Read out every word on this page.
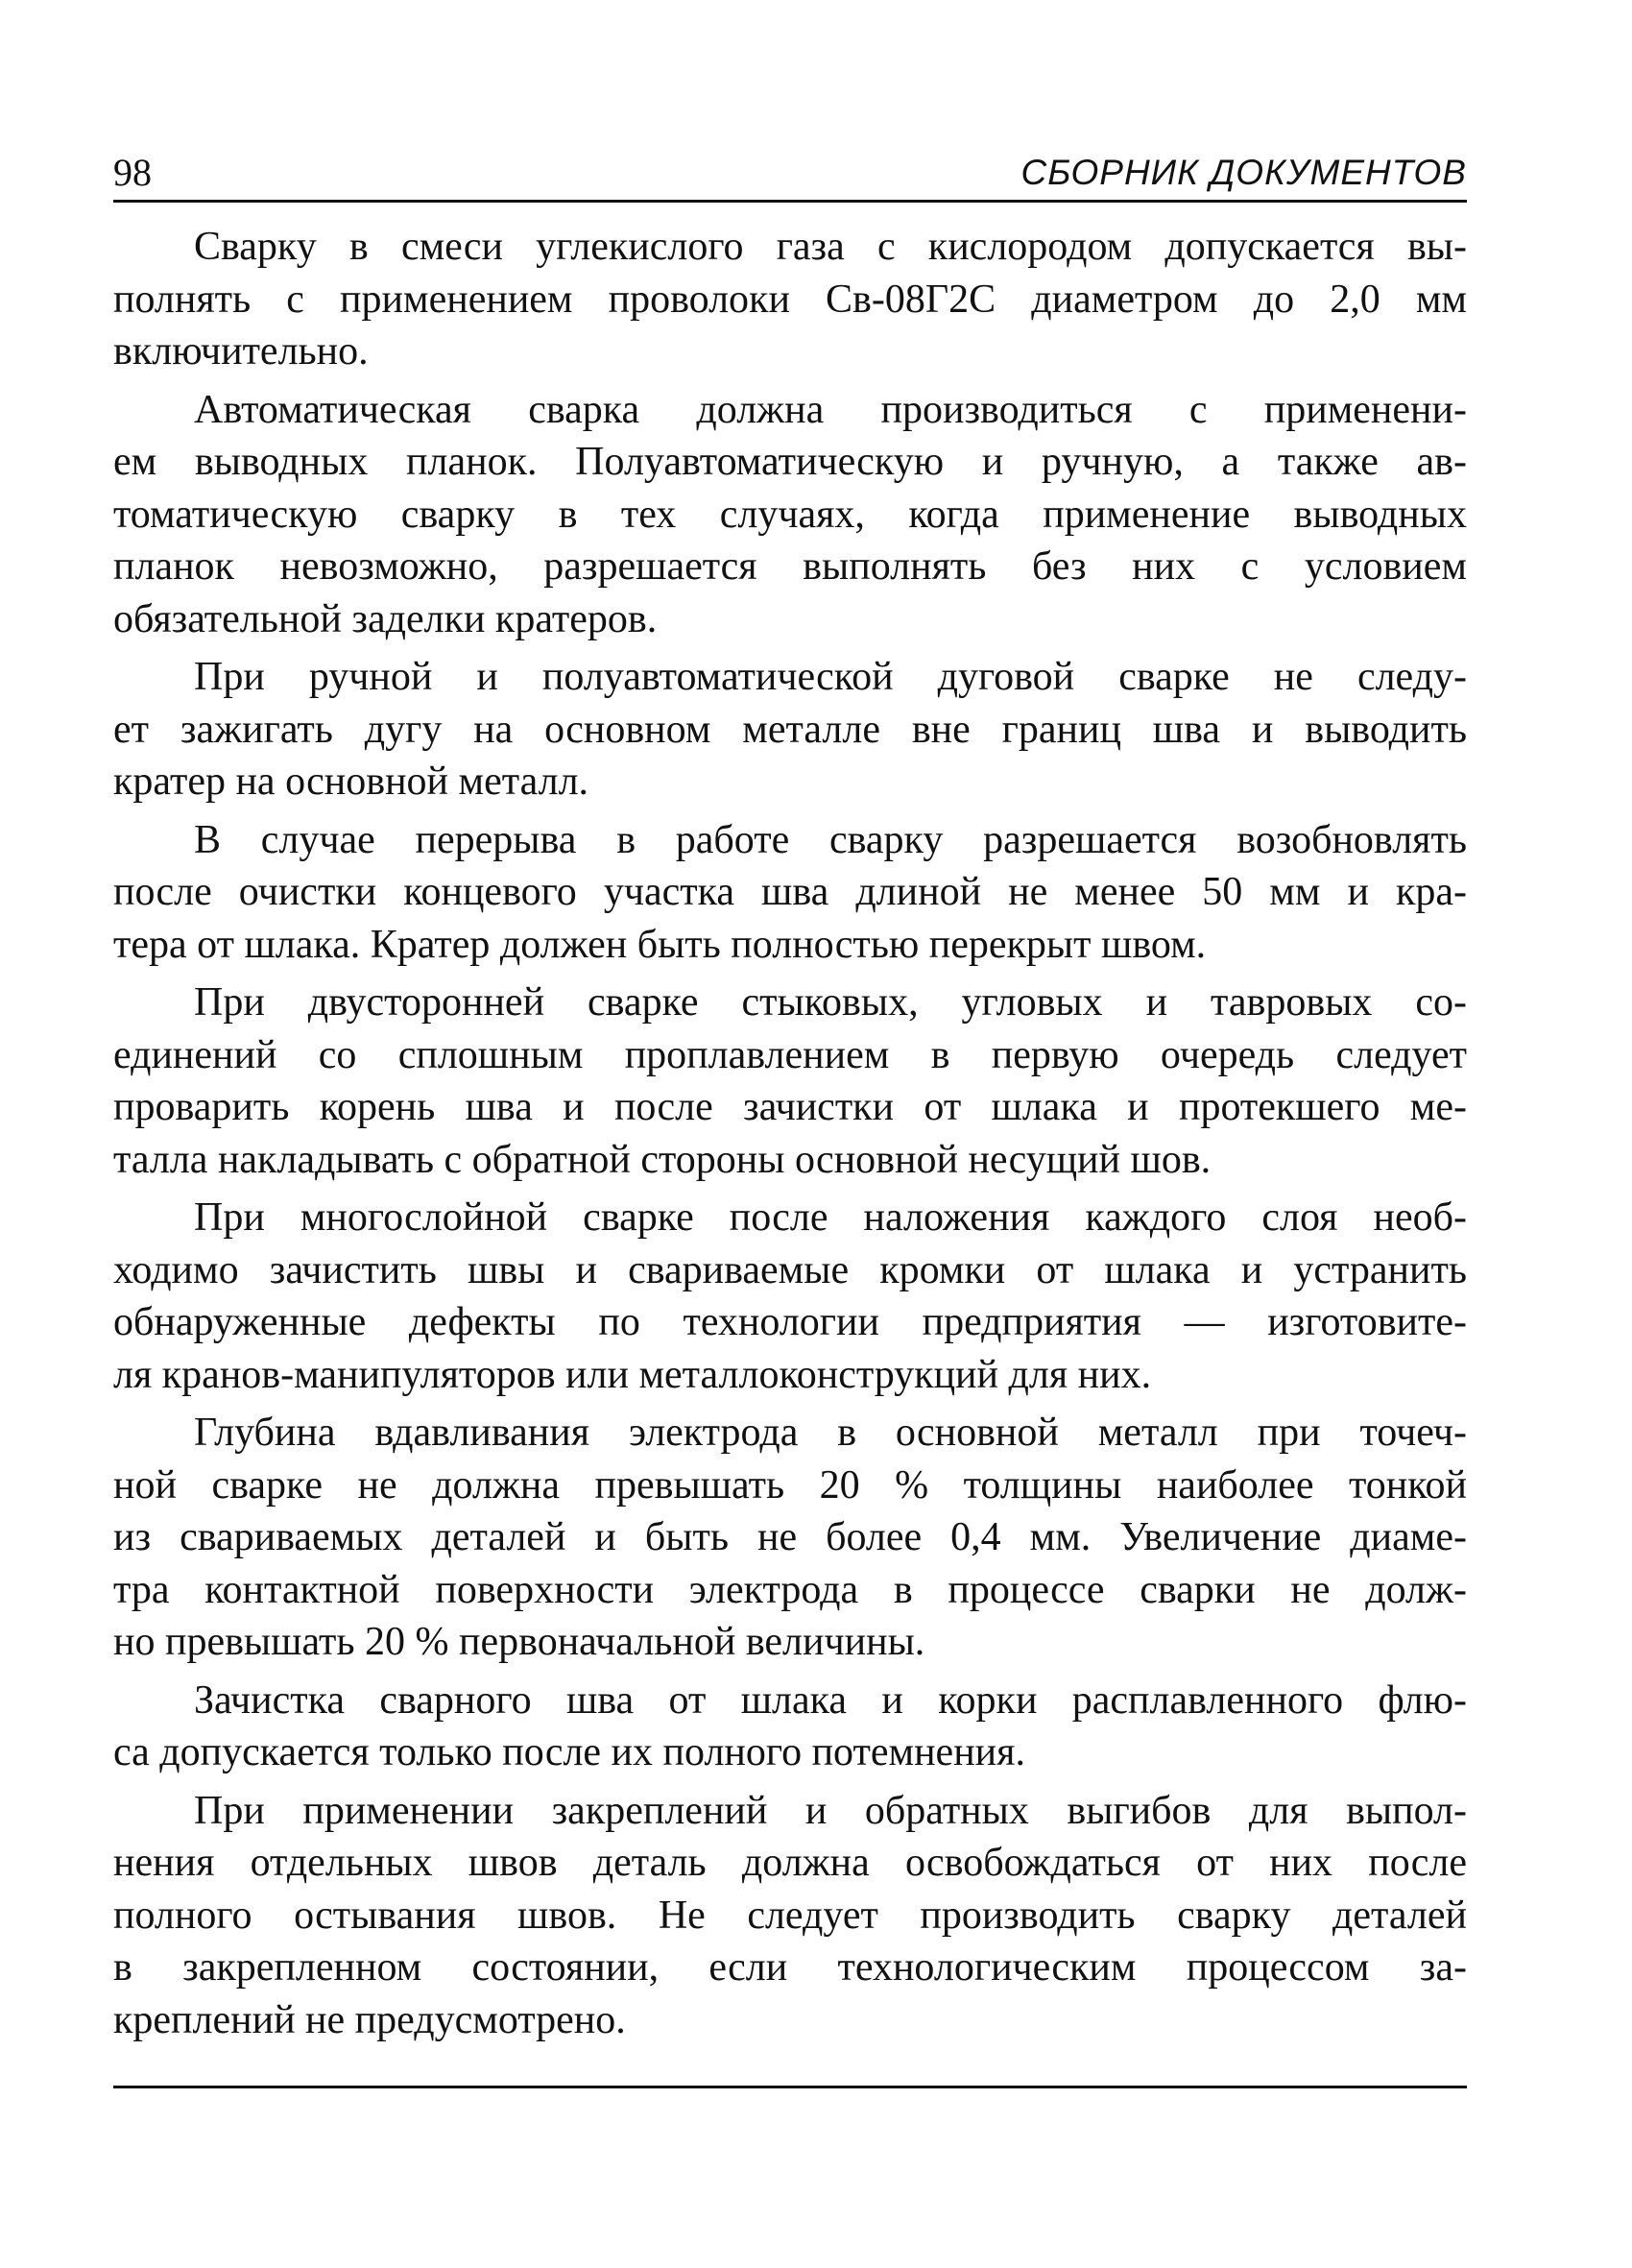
98	СБОРНИК ДОКУМЕНТОВ

Сварку в смеси углекислого газа с кислородом допускается вы-
полнять с применением проволоки Св-08Г2С диаметром до 2,0 мм
включительно.

Автоматическая сварка должна производиться с применени-
ем выводных планок. Полуавтоматическую и ручную, а также ав-
томатическую сварку в тех случаях, когда применение выводных
планок невозможно, разрешается выполнять без них с условием
обязательной заделки кратеров.

При ручной и полуавтоматической дуговой сварке не следу-
ет зажигать дугу на основном металле вне границ шва и выводить
кратер на основной металл.

В случае перерыва в работе сварку разрешается возобновлять
после очистки концевого участка шва длиной не менее 50 мм и кра-
тера от шлака. Кратер должен быть полностью перекрыт швом.

При двусторонней сварке стыковых, угловых и тавровых со-
единений со сплошным проплавлением в первую очередь следует
проварить корень шва и после зачистки от шлака и протекшего ме-
талла накладывать с обратной стороны основной несущий шов.

При многослойной сварке после наложения каждого слоя необ-
ходимо зачистить швы и свариваемые кромки от шлака и устранить
обнаруженные дефекты по технологии предприятия — изготовите-
ля кранов-манипуляторов или металлоконструкций для них.

Глубина вдавливания электрода в основной металл при точеч-
ной сварке не должна превышать 20 % толщины наиболее тонкой
из свариваемых деталей и быть не более 0,4 мм. Увеличение диаме-
тра контактной поверхности электрода в процессе сварки не долж-
но превышать 20 % первоначальной величины.

Зачистка сварного шва от шлака и корки расплавленного флю-
са допускается только после их полного потемнения.

При применении закреплений и обратных выгибов для выпол-
нения отдельных швов деталь должна освобождаться от них после
полного остывания швов. Не следует производить сварку деталей
в закрепленном состоянии, если технологическим процессом за-
креплений не предусмотрено.
